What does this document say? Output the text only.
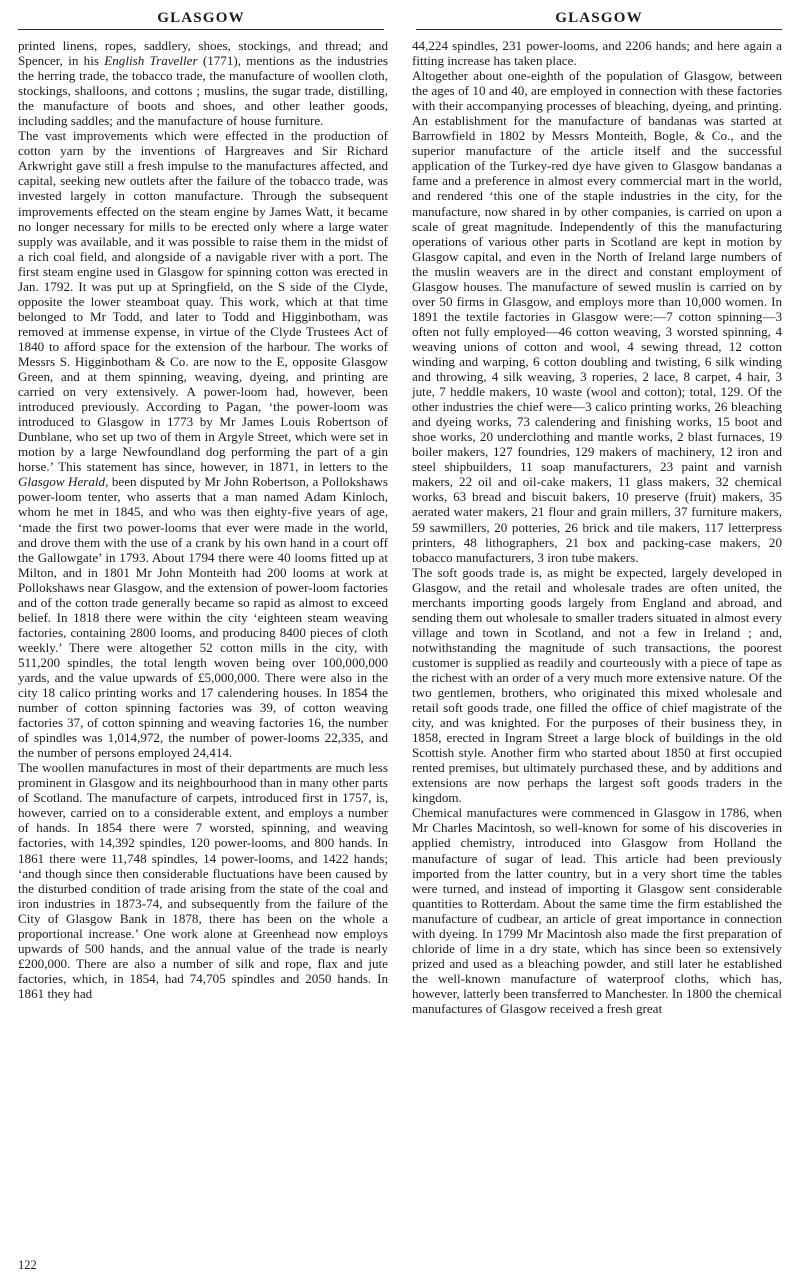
GLASGOW	GLASGOW

printed linens, ropes, saddlery, shoes, stockings, and thread; and Spencer, in his English Traveller (1771), mentions as the industries the herring trade, the tobacco trade, the manufacture of woollen cloth, stockings, shalloons, and cottons ; muslins, the sugar trade, distilling, the manufacture of boots and shoes, and other leather goods, including saddles; and the manufacture of house furniture.

The vast improvements which were effected in the production of cotton yarn by the inventions of Hargreaves and Sir Richard Arkwright gave still a fresh impulse to the manufactures affected, and capital, seeking new outlets after the failure of the tobacco trade, was invested largely in cotton manufacture. Through the subsequent improvements effected on the steam engine by James Watt, it became no longer necessary for mills to be erected only where a large water supply was available, and it was possible to raise them in the midst of a rich coal field, and alongside of a navigable river with a port. The first steam engine used in Glasgow for spinning cotton was erected in Jan. 1792. It was put up at Springfield, on the S side of the Clyde, opposite the lower steamboat quay. This work, which at that time belonged to Mr Todd, and later to Todd and Higginbotham, was removed at immense expense, in virtue of the Clyde Trustees Act of 1840 to afford space for the extension of the harbour. The works of Messrs S. Higginbotham & Co. are now to the E, opposite Glasgow Green, and at them spinning, weaving, dyeing, and printing are carried on very extensively. A power-loom had, however, been introduced previously. According to Pagan, ‘the power-loom was introduced to Glasgow in 1773 by Mr James Louis Robertson of Dunblane, who set up two of them in Argyle Street, which were set in motion by a large Newfoundland dog performing the part of a gin horse.’ This statement has since, however, in 1871, in letters to the Glasgow Herald, been disputed by Mr John Robertson, a Pollokshaws power-loom tenter, who asserts that a man named Adam Kinloch, whom he met in 1845, and who was then eighty-five years of age, ‘made the first two power-looms that ever were made in the world, and drove them with the use of a crank by his own hand in a court off the Gallowgate’ in 1793. About 1794 there were 40 looms fitted up at Milton, and in 1801 Mr John Monteith had 200 looms at work at Pollokshaws near Glasgow, and the extension of power-loom factories and of the cotton trade generally became so rapid as almost to exceed belief. In 1818 there were within the city ‘eighteen steam weaving factories, containing 2800 looms, and producing 8400 pieces of cloth weekly.’ There were altogether 52 cotton mills in the city, with 511,200 spindles, the total length woven being over 100,000,000 yards, and the value upwards of £5,000,000. There were also in the city 18 calico printing works and 17 calendering houses. In 1854 the number of cotton spinning factories was 39, of cotton weaving factories 37, of cotton spinning and weaving factories 16, the number of spindles was 1,014,972, the number of power-looms 22,335, and the number of persons employed 24,414.

The woollen manufactures in most of their departments are much less prominent in Glasgow and its neighbourhood than in many other parts of Scotland. The manufacture of carpets, introduced first in 1757, is, however, carried on to a considerable extent, and employs a number of hands. In 1854 there were 7 worsted, spinning, and weaving factories, with 14,392 spindles, 120 power-looms, and 800 hands. In 1861 there were 11,748 spindles, 14 power-looms, and 1422 hands; ‘and though since then considerable fluctuations have been caused by the disturbed condition of trade arising from the state of the coal and iron industries in 1873-74, and subsequently from the failure of the City of Glasgow Bank in 1878, there has been on the whole a proportional increase.’ One work alone at Greenhead now employs upwards of 500 hands, and the annual value of the trade is nearly £200,000. There are also a number of silk and rope, flax and jute factories, which, in 1854, had 74,705 spindles and 2050 hands. In 1861 they had

44,224 spindles, 231 power-looms, and 2206 hands; and here again a fitting increase has taken place.

Altogether about one-eighth of the population of Glasgow, between the ages of 10 and 40, are employed in connection with these factories with their accompanying processes of bleaching, dyeing, and printing. An establishment for the manufacture of bandanas was started at Barrowfield in 1802 by Messrs Monteith, Bogle, & Co., and the superior manufacture of the article itself and the successful application of the Turkey-red dye have given to Glasgow bandanas a fame and a preference in almost every commercial mart in the world, and rendered ‘this one of the staple industries in the city, for the manufacture, now shared in by other companies, is carried on upon a scale of great magnitude. Independently of this the manufacturing operations of various other parts in Scotland are kept in motion by Glasgow capital, and even in the North of Ireland large numbers of the muslin weavers are in the direct and constant employment of Glasgow houses. The manufacture of sewed muslin is carried on by over 50 firms in Glasgow, and employs more than 10,000 women. In 1891 the textile factories in Glasgow were:—7 cotton spinning—3 often not fully employed—46 cotton weaving, 3 worsted spinning, 4 weaving unions of cotton and wool, 4 sewing thread, 12 cotton winding and warping, 6 cotton doubling and twisting, 6 silk winding and throwing, 4 silk weaving, 3 roperies, 2 lace, 8 carpet, 4 hair, 3 jute, 7 heddle makers, 10 waste (wool and cotton); total, 129. Of the other industries the chief were—3 calico printing works, 26 bleaching and dyeing works, 73 calendering and finishing works, 15 boot and shoe works, 20 underclothing and mantle works, 2 blast furnaces, 19 boiler makers, 127 foundries, 129 makers of machinery, 12 iron and steel shipbuilders, 11 soap manufacturers, 23 paint and varnish makers, 22 oil and oil-cake makers, 11 glass makers, 32 chemical works, 63 bread and biscuit bakers, 10 preserve (fruit) makers, 35 aerated water makers, 21 flour and grain millers, 37 furniture makers, 59 sawmillers, 20 potteries, 26 brick and tile makers, 117 letterpress printers, 48 lithographers, 21 box and packing-case makers, 20 tobacco manufacturers, 3 iron tube makers.

The soft goods trade is, as might be expected, largely developed in Glasgow, and the retail and wholesale trades are often united, the merchants importing goods largely from England and abroad, and sending them out wholesale to smaller traders situated in almost every village and town in Scotland, and not a few in Ireland ; and, notwithstanding the magnitude of such transactions, the poorest customer is supplied as readily and courteously with a piece of tape as the richest with an order of a very much more extensive nature. Of the two gentlemen, brothers, who originated this mixed wholesale and retail soft goods trade, one filled the office of chief magistrate of the city, and was knighted. For the purposes of their business they, in 1858, erected in Ingram Street a large block of buildings in the old Scottish style. Another firm who started about 1850 at first occupied rented premises, but ultimately purchased these, and by additions and extensions are now perhaps the largest soft goods traders in the kingdom.

Chemical manufactures were commenced in Glasgow in 1786, when Mr Charles Macintosh, so well-known for some of his discoveries in applied chemistry, introduced into Glasgow from Holland the manufacture of sugar of lead. This article had been previously imported from the latter country, but in a very short time the tables were turned, and instead of importing it Glasgow sent considerable quantities to Rotterdam. About the same time the firm established the manufacture of cudbear, an article of great importance in connection with dyeing. In 1799 Mr Macintosh also made the first preparation of chloride of lime in a dry state, which has since been so extensively prized and used as a bleaching powder, and still later he established the well-known manufacture of waterproof cloths, which has, however, latterly been transferred to Manchester. In 1800 the chemical manufactures of Glasgow received a fresh great

122
